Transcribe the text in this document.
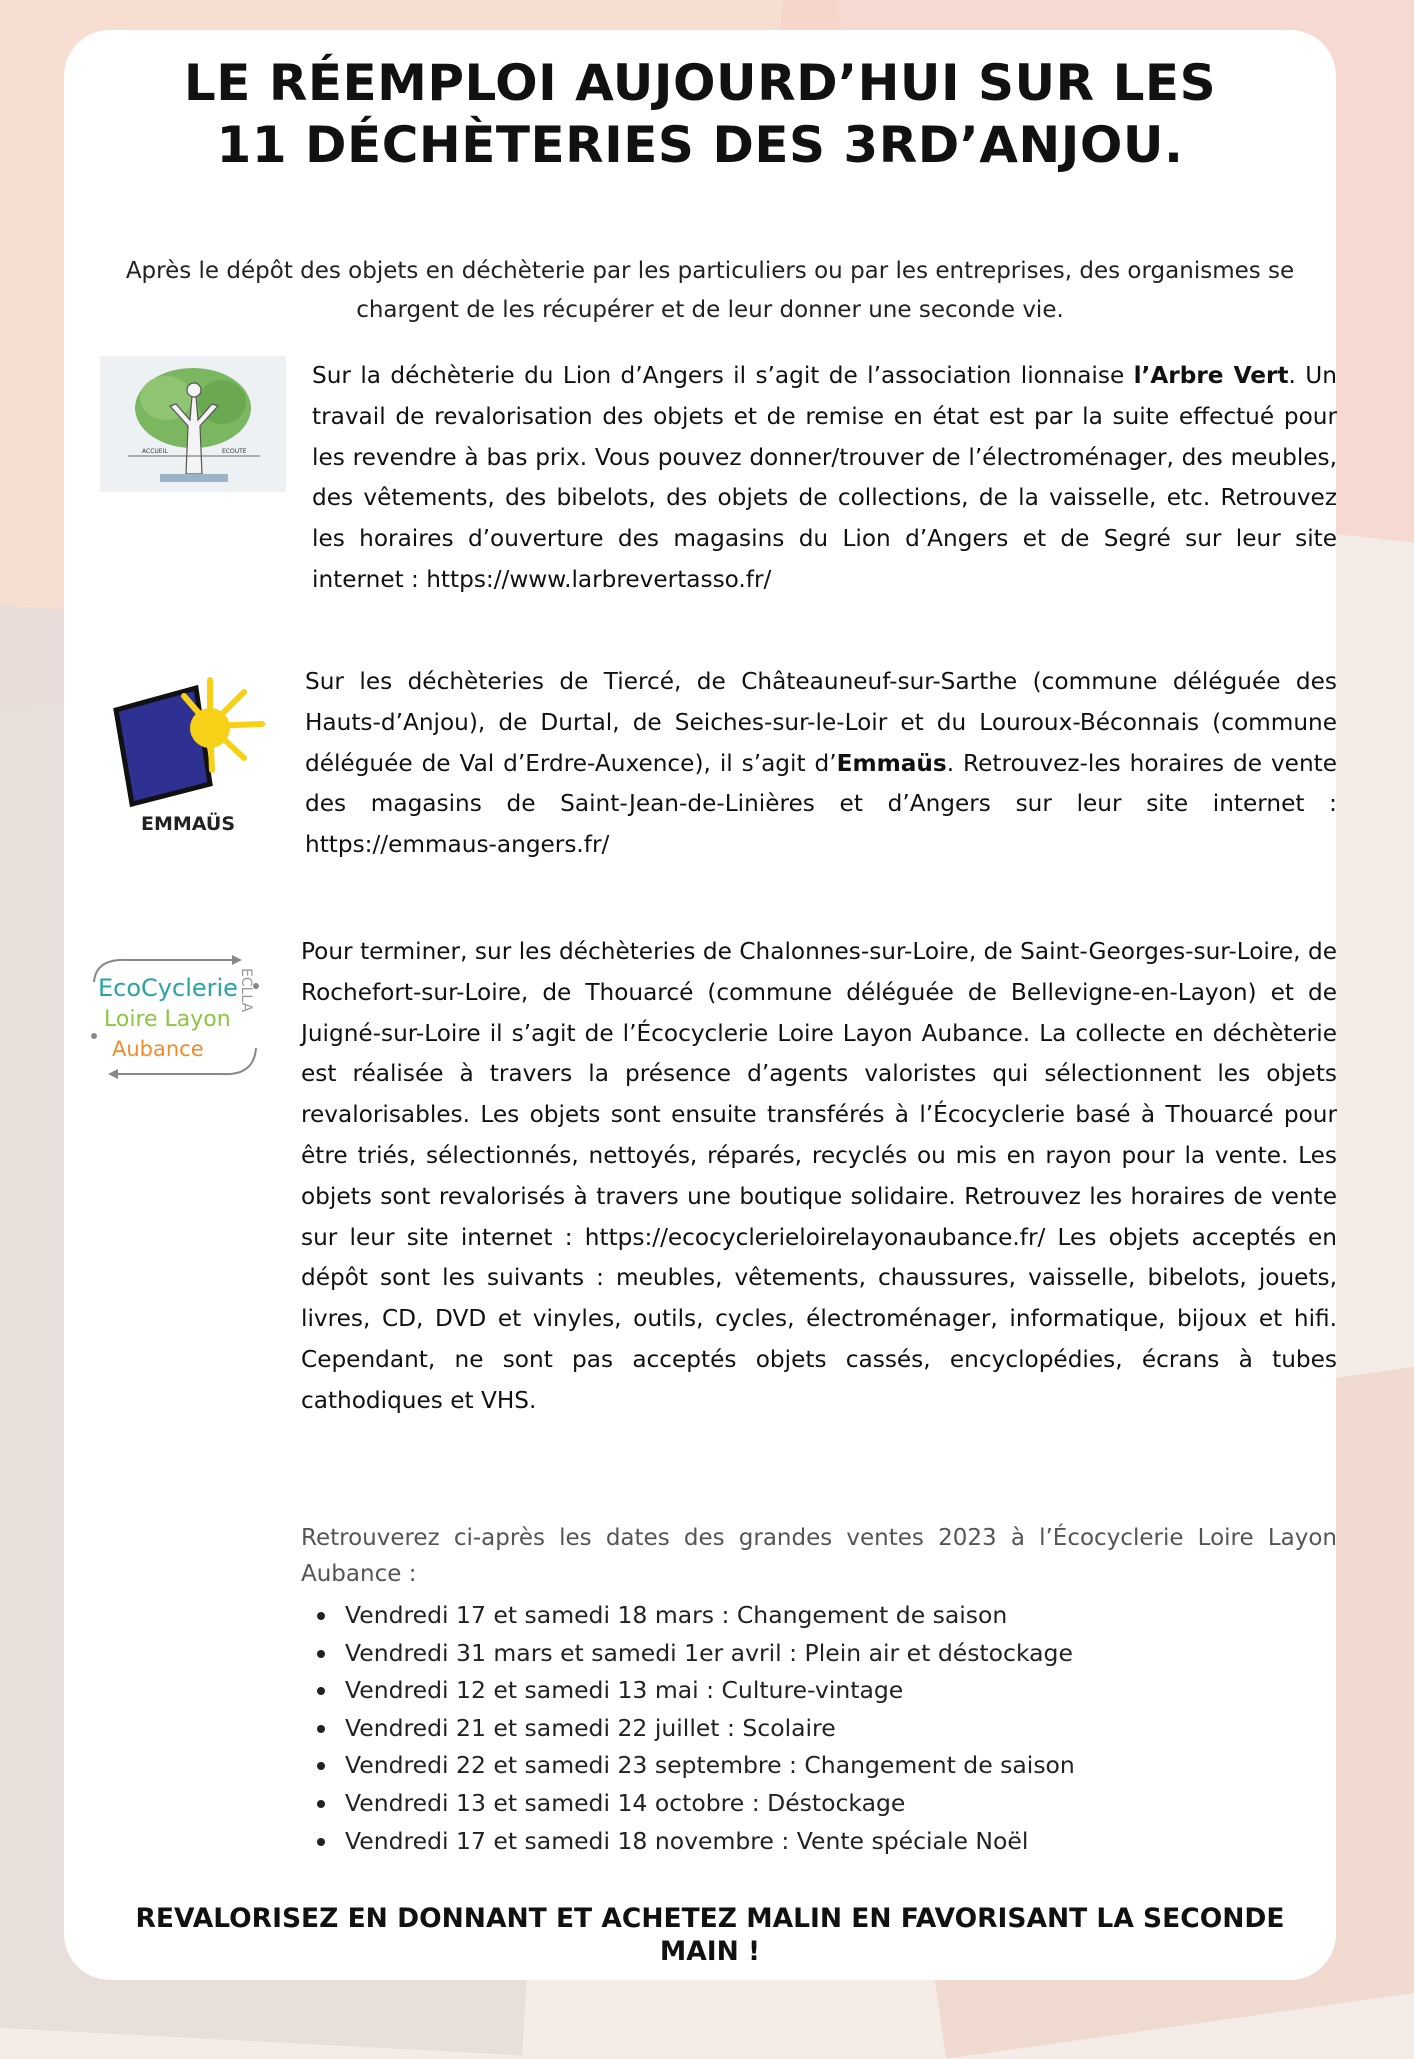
LE RÉEMPLOI AUJOURD’HUI SUR LES 11 DÉCHÈTERIES DES 3RD’ANJOU.

Après le dépôt des objets en déchèterie par les particuliers ou par les entreprises, des organismes se chargent de les récupérer et de leur donner une seconde vie.

ACCUEIL	ECOUTE

Sur la déchèterie du Lion d’Angers il s’agit de l’association lionnaise l’Arbre Vert. Un travail de revalorisation des objets et de remise en état est par la suite effectué pour les revendre à bas prix. Vous pouvez donner/trouver de l’électroménager, des meubles, des vêtements, des bibelots, des objets de collections, de la vaisselle, etc. Retrouvez les horaires d’ouverture des magasins du Lion d’Angers et de Segré sur leur site internet : https://www.larbrevertasso.fr/

EMMAÜS

Sur les déchèteries de Tiercé, de Châteauneuf-sur-Sarthe (commune déléguée des Hauts-d’Anjou), de Durtal, de Seiches-sur-le-Loir et du Louroux-Béconnais (commune déléguée de Val d’Erdre-Auxence), il s’agit d’Emmaüs. Retrouvez-les horaires de vente des magasins de Saint-Jean-de-Linières et d’Angers sur leur site internet : https://emmaus-angers.fr/

EcoCyclerie
Loire Layon
Aubance
ECLLA

Pour terminer, sur les déchèteries de Chalonnes-sur-Loire, de Saint-Georges-sur-Loire, de Rochefort-sur-Loire, de Thouarcé (commune déléguée de Bellevigne-en-Layon) et de Juigné-sur-Loire il s’agit de l’Écocyclerie Loire Layon Aubance. La collecte en déchèterie est réalisée à travers la présence d’agents valoristes qui sélectionnent les objets revalorisables. Les objets sont ensuite transférés à l’Écocyclerie basé à Thouarcé pour être triés, sélectionnés, nettoyés, réparés, recyclés ou mis en rayon pour la vente. Les objets sont revalorisés à travers une boutique solidaire. Retrouvez les horaires de vente sur leur site internet : https://ecocyclerieloirelayonaubance.fr/ Les objets acceptés en dépôt sont les suivants : meubles, vêtements, chaussures, vaisselle, bibelots, jouets, livres, CD, DVD et vinyles, outils, cycles, électroménager, informatique, bijoux et hifi. Cependant, ne sont pas acceptés objets cassés, encyclopédies, écrans à tubes cathodiques et VHS.

Retrouverez ci-après les dates des grandes ventes 2023 à l’Écocyclerie Loire Layon Aubance :

Vendredi 17 et samedi 18 mars : Changement de saison
Vendredi 31 mars et samedi 1er avril : Plein air et déstockage
Vendredi 12 et samedi 13 mai : Culture-vintage
Vendredi 21 et samedi 22 juillet : Scolaire
Vendredi 22 et samedi 23 septembre : Changement de saison
Vendredi 13 et samedi 14 octobre : Déstockage
Vendredi 17 et samedi 18 novembre : Vente spéciale Noël

REVALORISEZ EN DONNANT ET ACHETEZ MALIN EN FAVORISANT LA SECONDE MAIN !
